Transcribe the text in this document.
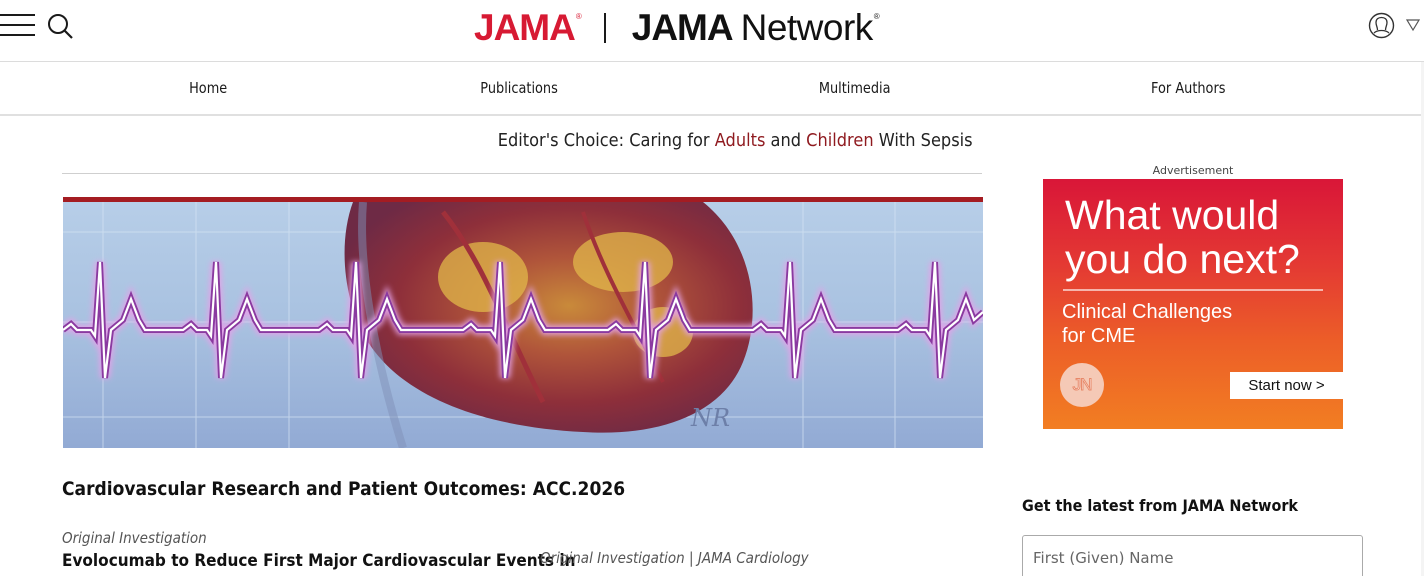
JAMA ® JAMA Network ®
Home	Publications	Multimedia	For Authors
Editor's Choice: Caring for Adults and Children With Sepsis
NR
Cardiovascular Research and Patient Outcomes: ACC.2026
Original Investigation
Evolocumab to Reduce First Major Cardiovascular Events in
Original Investigation | JAMA Cardiology
Advertisement
What would
you do next?
Clinical Challenges
for CME
JN	Start now >
Get the latest from JAMA Network
First (Given) Name
